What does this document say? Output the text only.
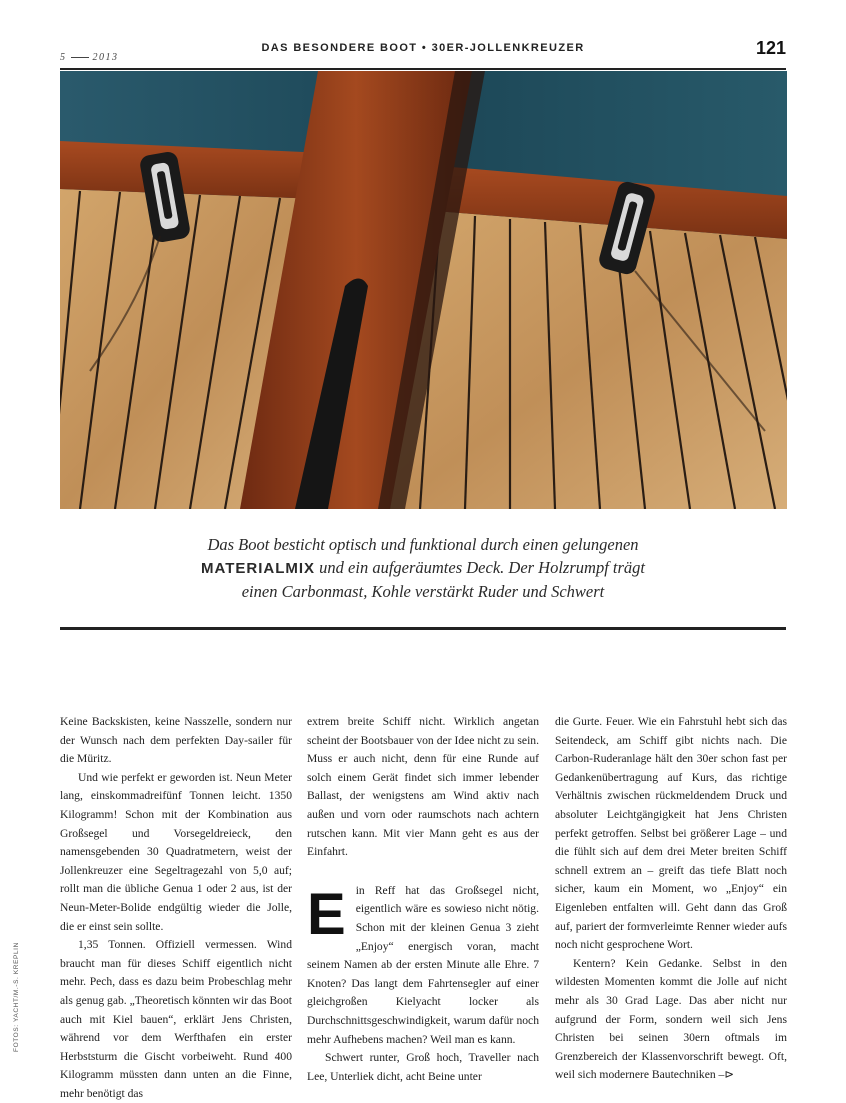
5	2013
DAS BESONDERE BOOT • 30ER-JOLLENKREUZER	121
Das Boot besticht optisch und funktional durch einen gelungenen
MATERIALMIX und ein aufgeräumtes Deck. Der Holzrumpf trägt
einen Carbonmast, Kohle verstärkt Ruder und Schwert
FOTOS: YACHT/M.-S. KREPLIN

Keine Backskisten, keine Nasszelle, sondern nur der Wunsch nach dem perfekten Day-sailer für die Müritz.

Und wie perfekt er geworden ist. Neun Meter lang, einskommadreifünf Tonnen leicht. 1350 Kilogramm! Schon mit der Kombination aus Großsegel und Vorsegeldreieck, den namensgebenden 30 Quadratmetern, weist der Jollenkreuzer eine Segeltragezahl von 5,0 auf; rollt man die übliche Genua 1 oder 2 aus, ist der Neun-Meter-Bolide endgültig wieder die Jolle, die er einst sein sollte.

1,35 Tonnen. Offiziell vermessen. Wind braucht man für dieses Schiff eigentlich nicht mehr. Pech, dass es dazu beim Probeschlag mehr als genug gab. „Theoretisch könnten wir das Boot auch mit Kiel bauen“, erklärt Jens Christen, während vor dem Werfthafen ein erster Herbststurm die Gischt vorbeiweht. Rund 400 Kilogramm müssten dann unten an die Finne, mehr benötigt das

extrem breite Schiff nicht. Wirklich angetan scheint der Bootsbauer von der Idee nicht zu sein. Muss er auch nicht, denn für eine Runde auf solch einem Gerät findet sich immer lebender Ballast, der wenigstens am Wind aktiv nach außen und vorn oder raumschots nach achtern rutschen kann. Mit vier Mann geht es aus der Einfahrt.

Ein Reff hat das Großsegel nicht, eigentlich wäre es sowieso nicht nötig. Schon mit der kleinen Genua 3 zieht „Enjoy“ energisch voran, macht seinem Namen ab der ersten Minute alle Ehre. 7 Knoten? Das langt dem Fahrtensegler auf einer gleichgroßen Kielyacht locker als Durchschnittsgeschwindigkeit, warum dafür noch mehr Aufhebens machen? Weil man es kann.

Schwert runter, Groß hoch, Traveller nach Lee, Unterliek dicht, acht Beine unter

die Gurte. Feuer. Wie ein Fahrstuhl hebt sich das Seitendeck, am Schiff gibt nichts nach. Die Carbon-Ruderanlage hält den 30er schon fast per Gedankenübertragung auf Kurs, das richtige Verhältnis zwischen rückmeldendem Druck und absoluter Leichtgängigkeit hat Jens Christen perfekt getroffen. Selbst bei größerer Lage – und die fühlt sich auf dem drei Meter breiten Schiff schnell extrem an – greift das tiefe Blatt noch sicher, kaum ein Moment, wo „Enjoy“ ein Eigenleben entfalten will. Geht dann das Groß auf, pariert der formverleimte Renner wieder aufs noch nicht gesprochene Wort.

Kentern? Kein Gedanke. Selbst in den wildesten Momenten kommt die Jolle auf nicht mehr als 30 Grad Lage. Das aber nicht nur aufgrund der Form, sondern weil sich Jens Christen bei seinen 30ern oftmals im Grenzbereich der Klassenvorschrift bewegt. Oft, weil sich modernere Bautechniken –⊳
